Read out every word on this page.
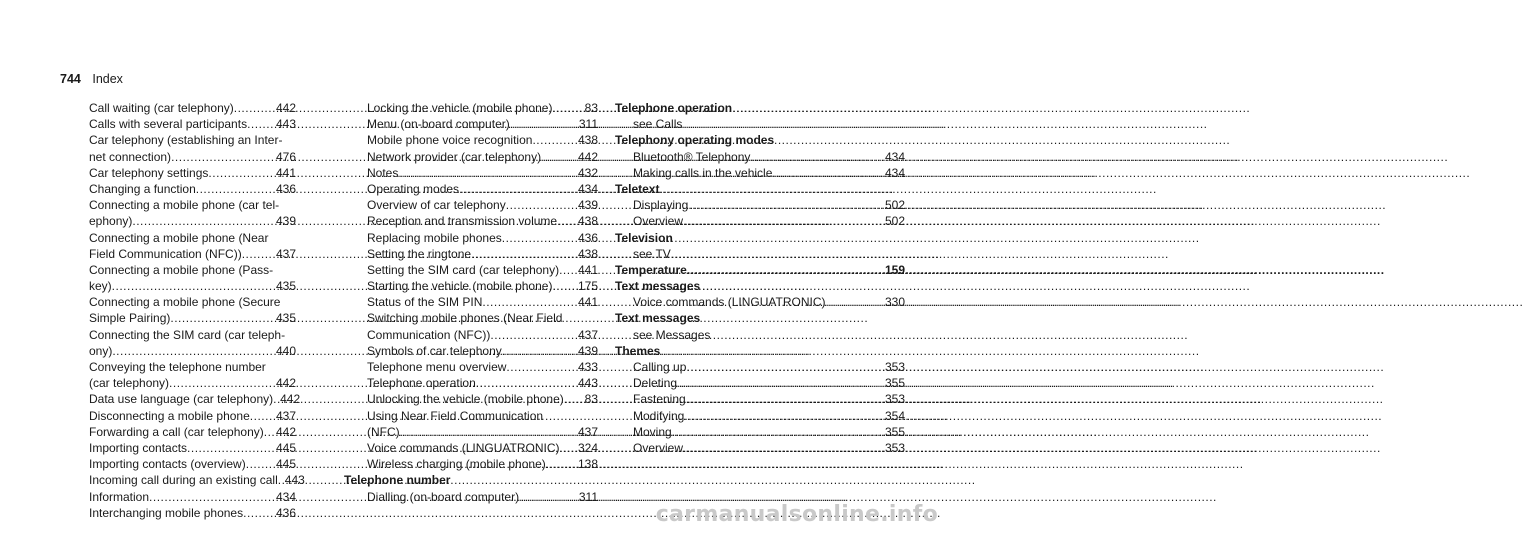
744 Index
Call waiting (car telephony) .....	442
Calls with several participants ..... 443
Car telephony (establishing an Inter-
net connection) .....	476
Car telephony settings .....	441
Changing a function .....	436
Connecting a mobile phone (car tel-
ephony) .....	439
Connecting a mobile phone (Near
Field Communication (NFC)) .....	437
Connecting a mobile phone (Pass-
key) .....	435
Connecting a mobile phone (Secure
Simple Pairing) .....	435
Connecting the SIM card (car teleph-
ony) .....	440
Conveying the telephone number
(car telephony) .....	442
Data use language (car telephony) ..... 442
Disconnecting a mobile phone ..... 437
Forwarding a call (car telephony) ..... 442
Importing contacts .....	445
Importing contacts (overview) .....	445
Incoming call during an existing call ..... 443
Information .....	434
Interchanging mobile phones .....	436
Locking the vehicle (mobile phone) .....	83
Menu (on-board computer) .....	311
Mobile phone voice recognition .....	438
Network provider (car telephony) .....	442
Notes .....	432
Operating modes .....	434
Overview of car telephony .....	439
Reception and transmission volume ..... 438
Replacing mobile phones .....	436
Setting the ringtone .....	438
Setting the SIM card (car telephony) ..... 441
Starting the vehicle (mobile phone) ..... 175
Status of the SIM PIN .....	441
Switching mobile phones (Near Field
Communication (NFC)) .....	437
Symbols of car telephony .....	439
Telephone menu overview .....	433
Telephone operation .....	443
Unlocking the vehicle (mobile phone) ..... 83
Using Near Field Communication
(NFC) .....	437
Voice commands (LINGUATRONIC) ..... 324
Wireless charging (mobile phone) .....	138
Telephone number
Dialling (on-board computer) .....	311
Telephone operation
see Calls
Telephony operating modes
Bluetooth® Telephony .....	434
Making calls in the vehicle .....	434
Teletext
Displaying .....	502
Overview .....	502
Television
see TV
Temperature .....	159
Text messages
Voice commands (LINGUATRONIC) .....	330
Text messages
see Messages
Themes
Calling up .....	353
Deleting .....	355
Fastening .....	353
Modifying .....	354
Moving .....	355
Overview .....	353
carmanualsonline.info
